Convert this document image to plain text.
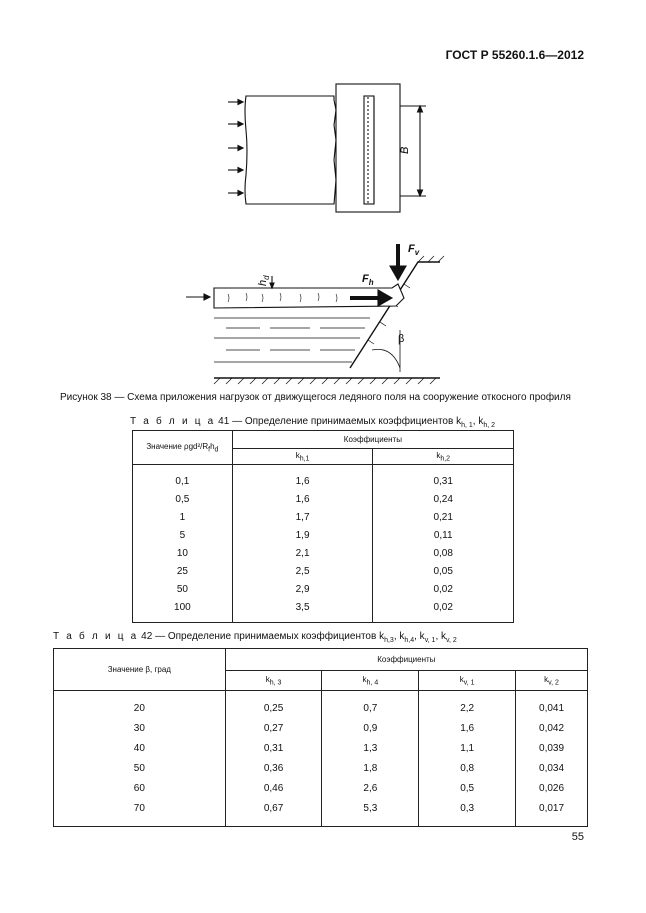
ГОСТ Р 55260.1.6—2012
B
$F_v$
$F_h$
$h_d$
β
Рисунок 38 — Схема приложения нагрузок от движущегося ледяного поля на сооружение откосного профиля
Т а б л и ц а 41 — Определение принимаемых коэффициентов $k_{h, 1}$, $k_{h, 2}$
Значение ρgd²/$R_fh_d$	Коэффициенты	
	$k_{h,1}$	$k_{h,2}$

0,1	1,6	0,31
0,5	1,6	0,24
1	1,7	0,21
5	1,9	0,11
10	2,1	0,08
25	2,5	0,05
50	2,9	0,02
100	3,5	0,02

Т а б л и ц а 42 — Определение принимаемых коэффициентов $k_{h,3}$, $k_{h,4}$, $k_{v, 1}$, $k_{v, 2}$
Значение β, град	Коэффициенты			
	$k_{h, 3}$	$k_{h, 4}$	$k_{v, 1}$	$k_{v, 2}$

20	0,25	0,7	2,2	0,041
30	0,27	0,9	1,6	0,042
40	0,31	1,3	1,1	0,039
50	0,36	1,8	0,8	0,034
60	0,46	2,6	0,5	0,026
70	0,67	5,3	0,3	0,017

55
